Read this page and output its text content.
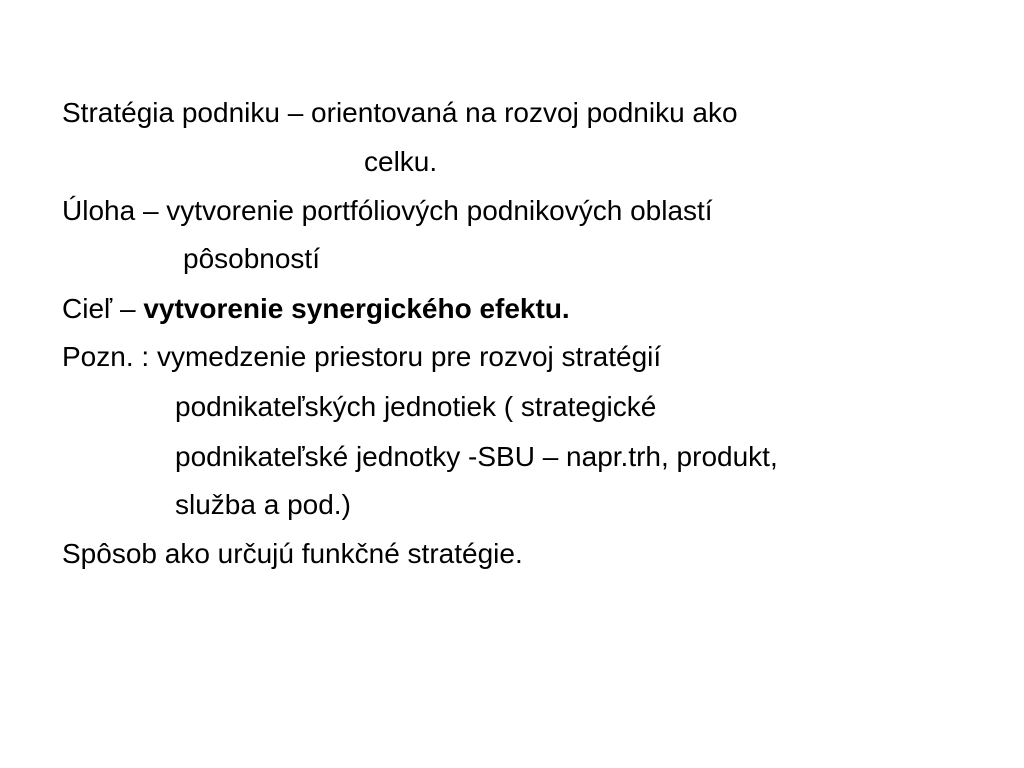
Stratégia podniku – orientovaná na rozvoj podniku ako
celku.
Úloha – vytvorenie portfóliových podnikových oblastí
pôsobností
Cieľ – vytvorenie synergického efektu.
Pozn. : vymedzenie priestoru pre rozvoj stratégií
podnikateľských jednotiek ( strategické
podnikateľské jednotky -SBU – napr.trh, produkt,
služba a pod.)
Spôsob ako určujú funkčné stratégie.
